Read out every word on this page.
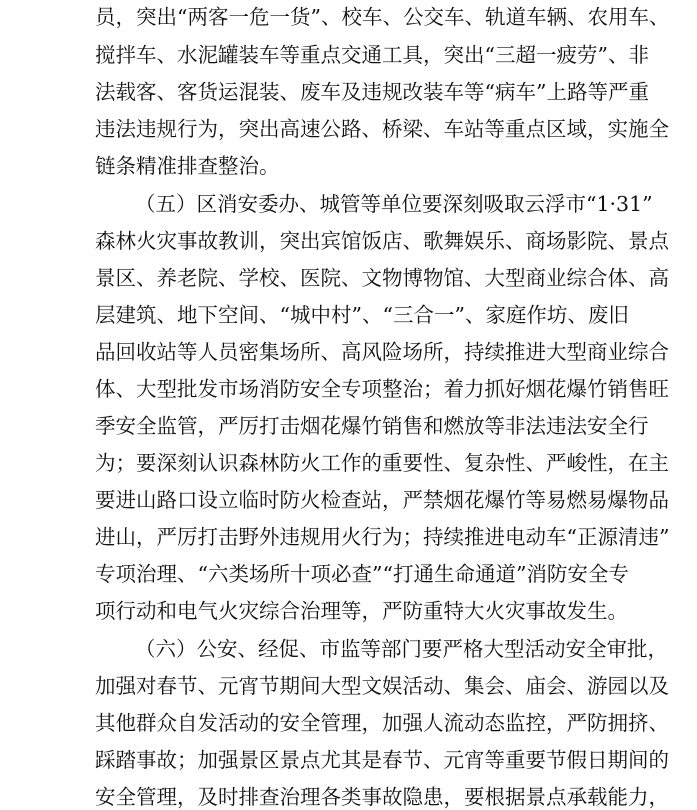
员，突出“两客一危一货”、校车、公交车、轨道车辆、农用车、
搅拌车、水泥罐装车等重点交通工具，突出“三超一疲劳”、非
法载客、客货运混装、废车及违规改装车等“病车”上路等严重
违法违规行为，突出高速公路、桥梁、车站等重点区域，实施全
链条精准排查整治。
（五）区消安委办、城管等单位要深刻吸取云浮市“1·31”
森林火灾事故教训，突出宾馆饭店、歌舞娱乐、商场影院、景点
景区、养老院、学校、医院、文物博物馆、大型商业综合体、高
层建筑、地下空间、“城中村”、“三合一”、家庭作坊、废旧
品回收站等人员密集场所、高风险场所，持续推进大型商业综合
体、大型批发市场消防安全专项整治；着力抓好烟花爆竹销售旺
季安全监管，严厉打击烟花爆竹销售和燃放等非法违法安全行
为；要深刻认识森林防火工作的重要性、复杂性、严峻性，在主
要进山路口设立临时防火检查站，严禁烟花爆竹等易燃易爆物品
进山，严厉打击野外违规用火行为；持续推进电动车“正源清违”
专项治理、“六类场所十项必查”“打通生命通道”消防安全专
项行动和电气火灾综合治理等，严防重特大火灾事故发生。
（六）公安、经促、市监等部门要严格大型活动安全审批，
加强对春节、元宵节期间大型文娱活动、集会、庙会、游园以及
其他群众自发活动的安全管理，加强人流动态监控，严防拥挤、
踩踏事故；加强景区景点尤其是春节、元宵等重要节假日期间的
安全管理，及时排查治理各类事故隐患，要根据景点承载能力，
